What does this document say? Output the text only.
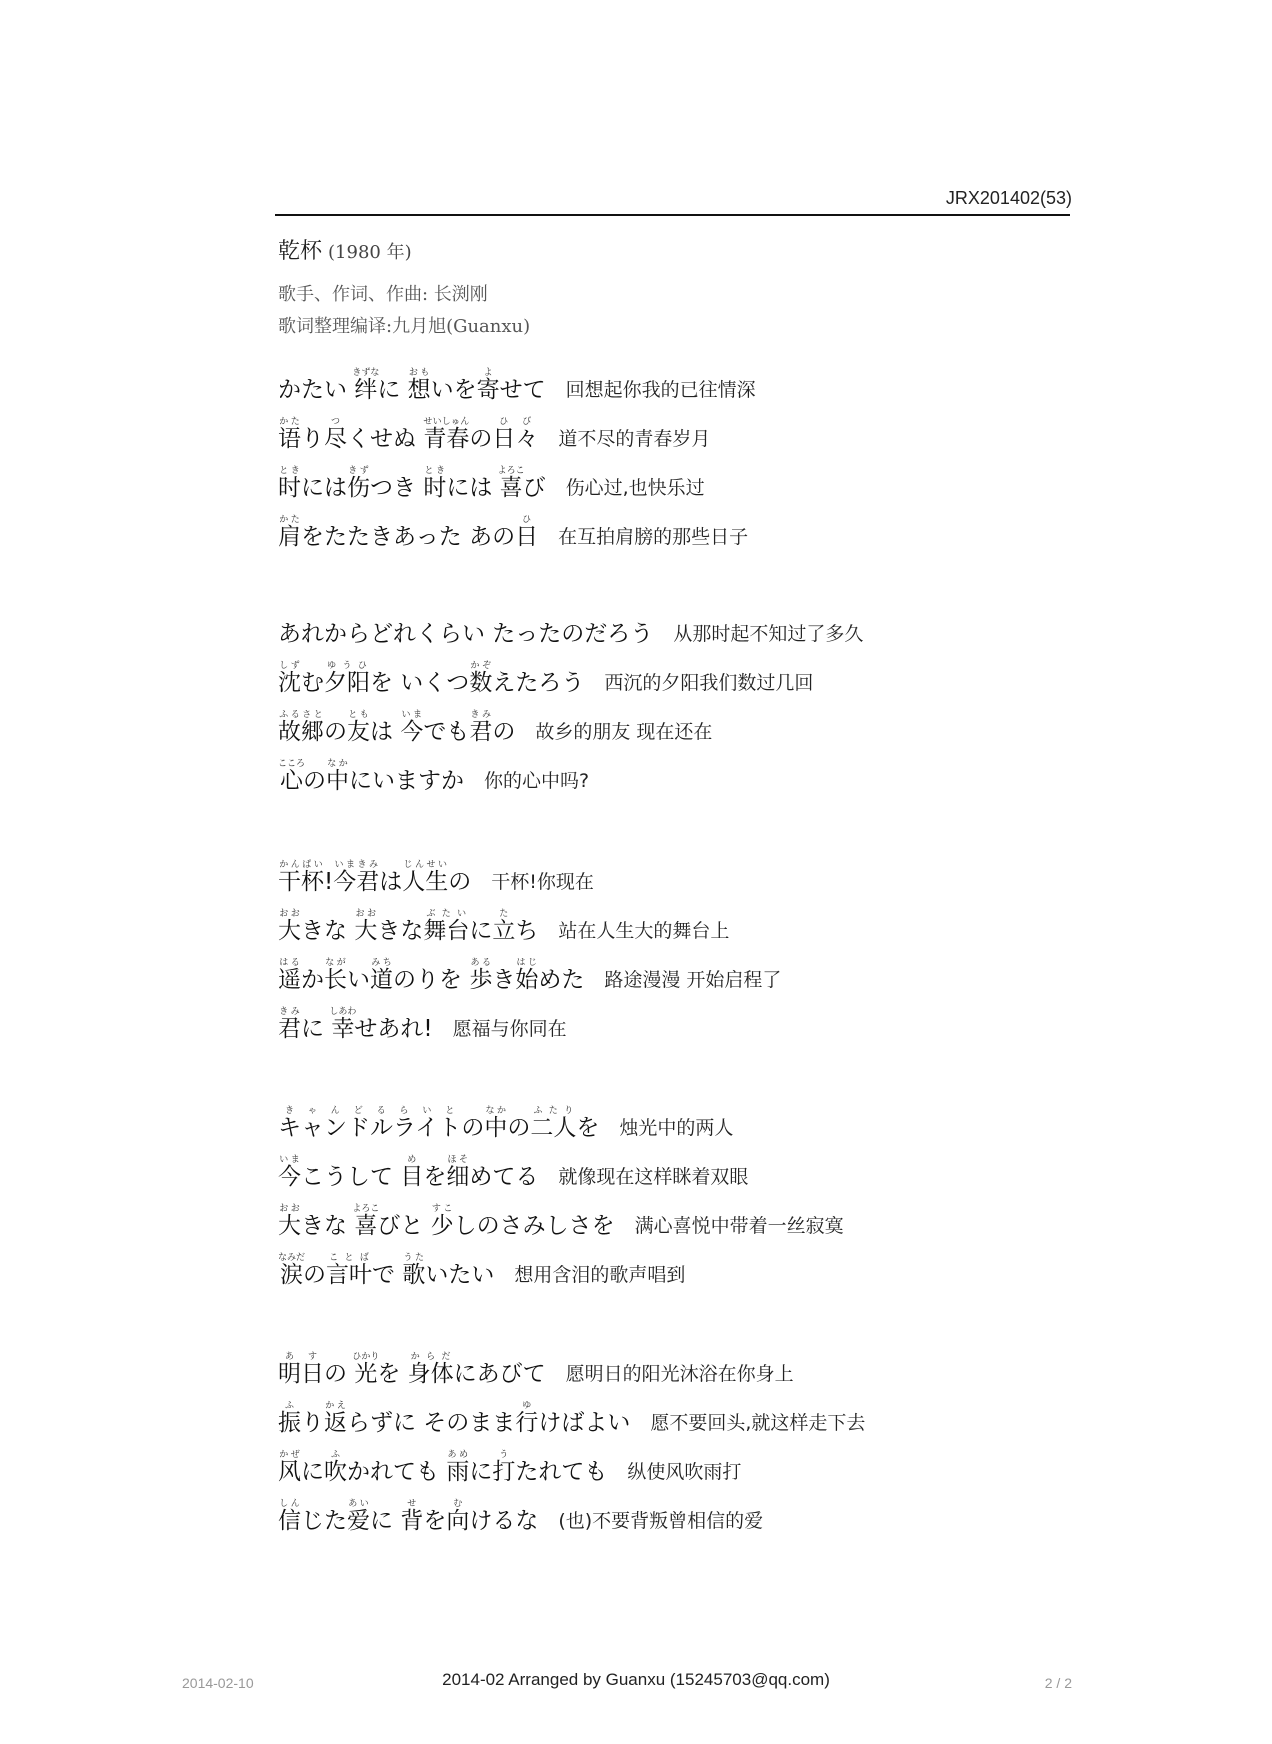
JRX201402(53)
乾杯 (1980 年)
歌手、作词、作曲: 长渕刚
歌词整理编译:九月旭(Guanxu)
かたい 绊きずなに 想おもいを寄よせて 回想起你我的已往情深
语かたり尽つくせぬ 青春せいしゅんの日々ひび
道不尽的青春岁月
时ときには伤きずつき 时ときには 喜よろこび 伤心过,也快乐过
肩かたをたたきあった あの日ひ
在互拍肩膀的那些日子
あれからどれくらい たったのだろう 从那时起不知过了多久
沈しずむ夕阳ゆうひを いくつ数かぞえたろう 西沉的夕阳我们数过几回
故郷ふるさとの友ともは 今いまでも君きみの 故乡的朋友 现在还在
心こころの中なかにいますか 你的心中吗?
干杯かんぱい!今君いまきみは人生じんせいの 干杯!你现在
大おおきな 大おおきな舞台ぶたいに立たち 站在人生大的舞台上
遥はるか长ながい道みちのりを 歩あるき始はじめた 路途漫漫 开始启程了
君きみに 幸しあわせあれ! 愿福与你同在
キャンドルライトきゃんどるらいとの中なかの二人ふたりを 烛光中的两人
今いまこうして 目めを细ほそめてる 就像现在这样眯着双眼
大おおきな 喜よろこびと 少すこしのさみしさを 满心喜悦中带着一丝寂寞
涙なみだの言叶ことばで 歌うたいたい 想用含泪的歌声唱到
明日あすの 光ひかりを 身体からだにあびて 愿明日的阳光沐浴在你身上
振ふり返かえらずに そのまま行ゆけばよい 愿不要回头,就这样走下去
风かぜに吹ふかれても 雨あめに打うたれても 纵使风吹雨打
信しんじた爱あいに 背せを向むけるな (也)不要背叛曾相信的爱
2014-02-10	2014-02 Arranged by Guanxu (15245703@qq.com)	2 / 2
